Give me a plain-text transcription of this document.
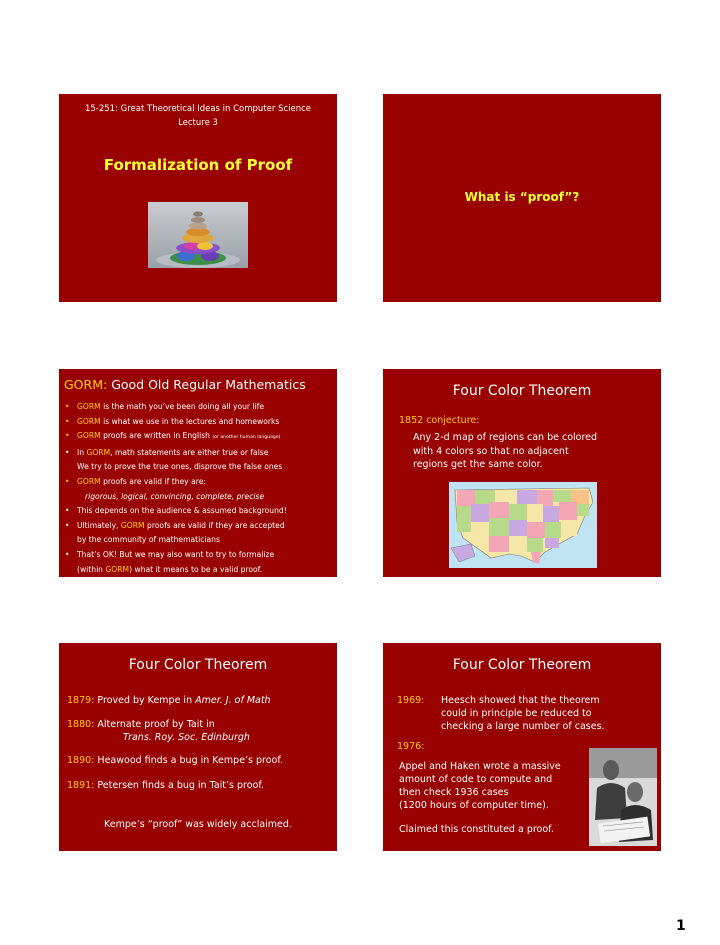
15-251: Great Theoretical Ideas in Computer Science
Lecture 3
Formalization of Proof
What is “proof”?
GORM: Good Old Regular Mathematics
• GORM is the math you’ve been doing all your life
• GORM is what we use in the lectures and homeworks
• GORM proofs are written in English (or another human language)
• In GORM, math statements are either true or false
We try to prove the true ones, disprove the false ones
• GORM proofs are valid if they are:
rigorous, logical, convincing, complete, precise
• This depends on the audience & assumed background!
• Ultimately, GORM proofs are valid if they are accepted
by the community of mathematicians
• That’s OK! But we may also want to try to formalize
(within GORM) what it means to be a valid proof.
Four Color Theorem
1852 conjecture:
Any 2-d map of regions can be colored
with 4 colors so that no adjacent
regions get the same color.
Four Color Theorem
1879: Proved by Kempe in Amer. J. of Math
1880: Alternate proof by Tait in
Trans. Roy. Soc. Edinburgh
1890: Heawood finds a bug in Kempe’s proof.
1891: Petersen finds a bug in Tait’s proof.
Kempe’s “proof” was widely acclaimed.
Four Color Theorem
1969: Heesch showed that the theorem
could in principle be reduced to
checking a large number of cases.
1976:
Appel and Haken wrote a massive
amount of code to compute and
then check 1936 cases
(1200 hours of computer time).
Claimed this constituted a proof.
1
